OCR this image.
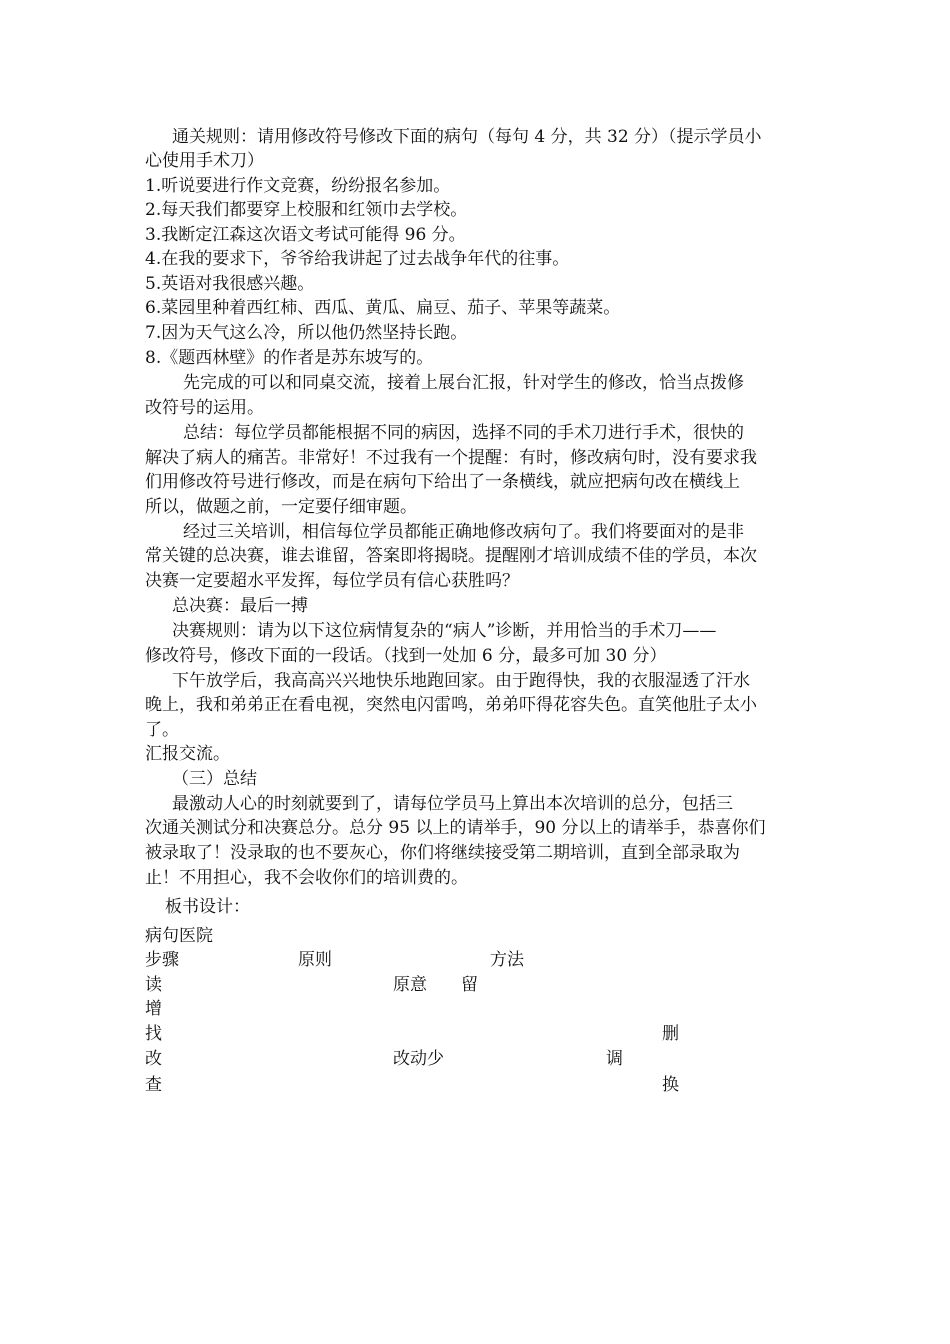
通关规则：请用修改符号修改下面的病句（每句 4 分，共 32 分）（提示学员小
心使用手术刀）
1.听说要进行作文竞赛，纷纷报名参加。
2.每天我们都要穿上校服和红领巾去学校。
3.我断定江森这次语文考试可能得 96 分。
4.在我的要求下，爷爷给我讲起了过去战争年代的往事。
5.英语对我很感兴趣。
6.菜园里种着西红柿、西瓜、黄瓜、扁豆、茄子、苹果等蔬菜。
7.因为天气这么冷，所以他仍然坚持长跑。
8.《题西林壁》的作者是苏东坡写的。
先完成的可以和同桌交流，接着上展台汇报，针对学生的修改，恰当点拨修
改符号的运用。
总结：每位学员都能根据不同的病因，选择不同的手术刀进行手术，很快的
解决了病人的痛苦。非常好！不过我有一个提醒：有时，修改病句时，没有要求我
们用修改符号进行修改，而是在病句下给出了一条横线，就应把病句改在横线上
所以，做题之前，一定要仔细审题。
经过三关培训，相信每位学员都能正确地修改病句了。我们将要面对的是非
常关键的总决赛，谁去谁留，答案即将揭晓。提醒刚才培训成绩不佳的学员，本次
决赛一定要超水平发挥，每位学员有信心获胜吗？
总决赛：最后一搏
决赛规则：请为以下这位病情复杂的“病人”诊断，并用恰当的手术刀——
修改符号，修改下面的一段话。（找到一处加 6 分，最多可加 30 分）
下午放学后，我高高兴兴地快乐地跑回家。由于跑得快，我的衣服湿透了汗水
晚上，我和弟弟正在看电视，突然电闪雷鸣，弟弟吓得花容失色。直笑他肚子太小
了。
汇报交流。
（三）总结
最激动人心的时刻就要到了，请每位学员马上算出本次培训的总分，包括三
次通关测试分和决赛总分。总分 95 以上的请举手，90 分以上的请举手，恭喜你们
被录取了！没录取的也不要灰心，你们将继续接受第二期培训，直到全部录取为
止！不用担心，我不会收你们的培训费的。
板书设计：
病句医院
步骤	原则	方法
读
增
找
改
查
原意
改动少
留
删
调
换
